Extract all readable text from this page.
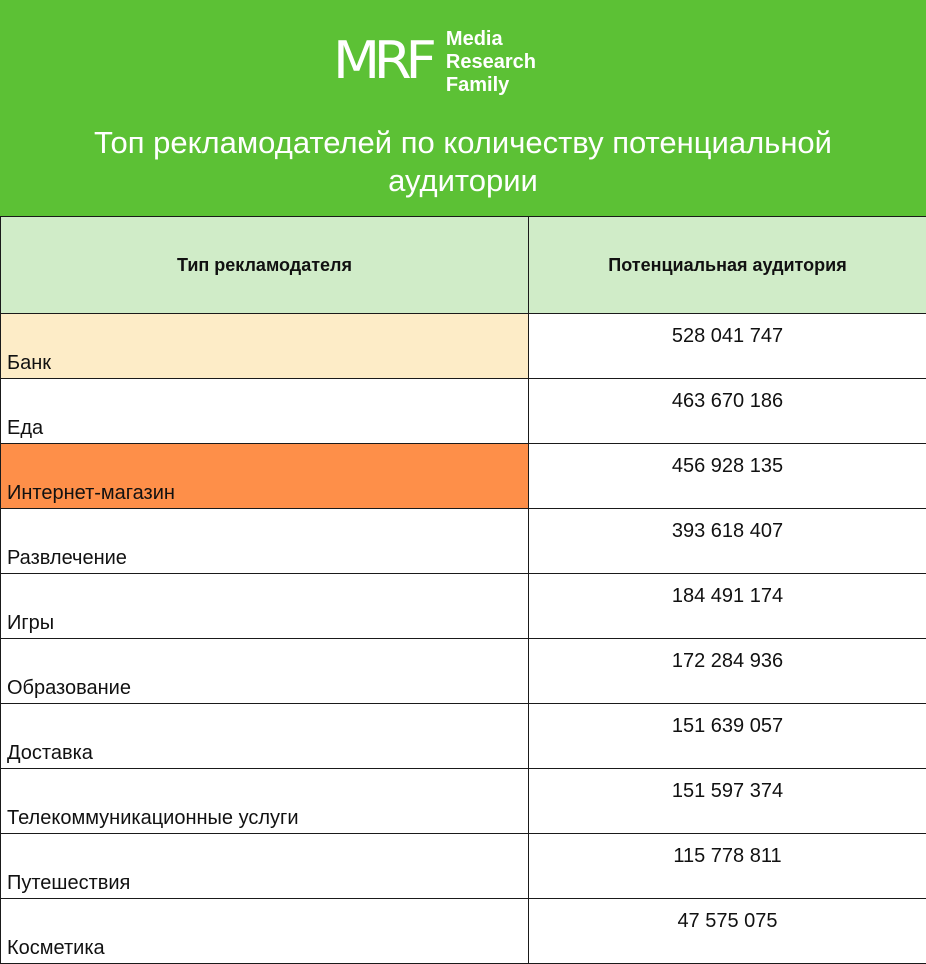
MRF Media
Research
Family
Топ рекламодателей по количеству потенциальной аудитории
Тип рекламодателя	Потенциальная аудитория
Банк	528 041 747
Еда	463 670 186
Интернет-магазин	456 928 135
Развлечение	393 618 407
Игры	184 491 174
Образование	172 284 936
Доставка	151 639 057
Телекоммуникационные услуги	151 597 374
Путешествия	115 778 811
Косметика	47 575 075
